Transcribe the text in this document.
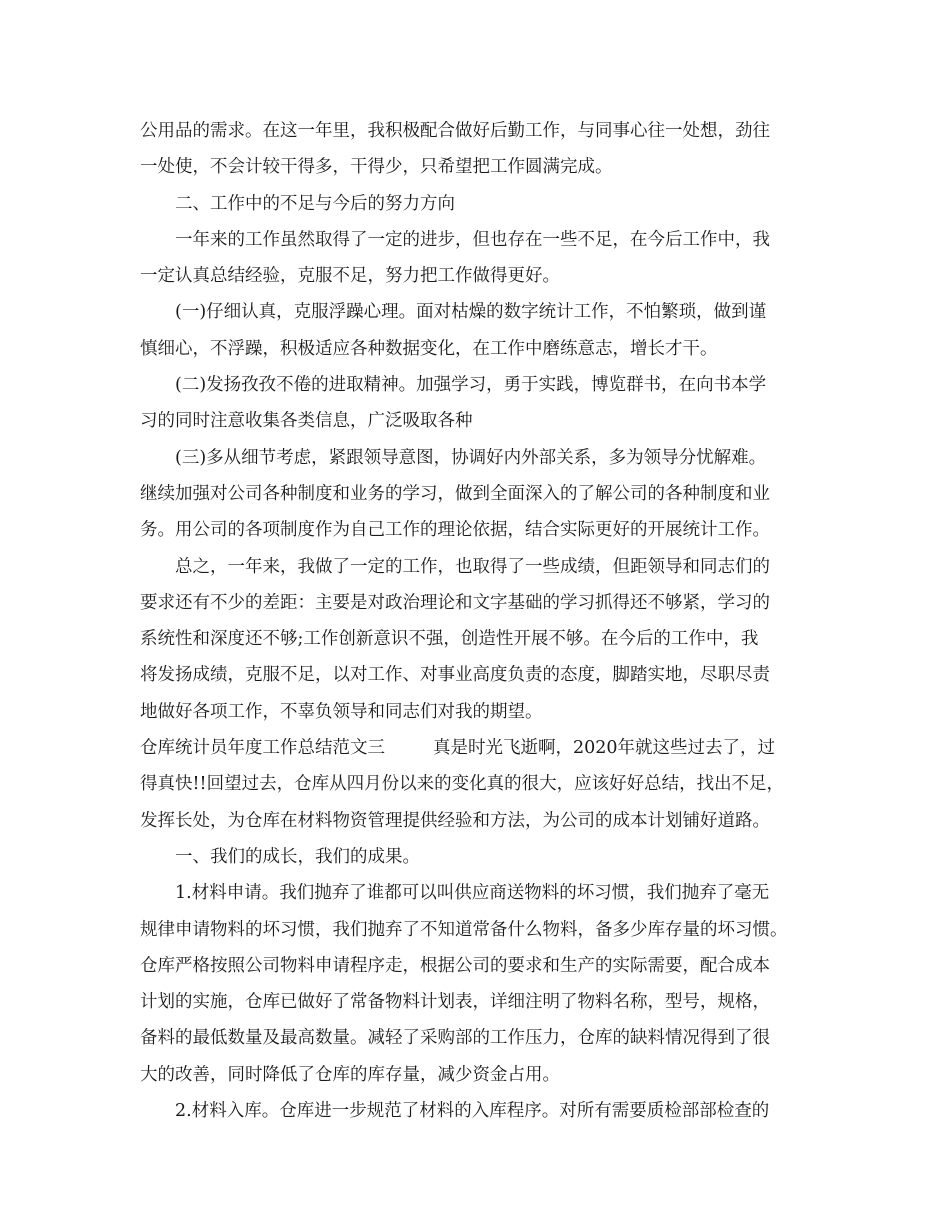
公用品的需求。在这一年里，我积极配合做好后勤工作，与同事心往一处想，劲往
一处使，不会计较干得多，干得少，只希望把工作圆满完成。
二、工作中的不足与今后的努力方向
一年来的工作虽然取得了一定的进步，但也存在一些不足，在今后工作中，我
一定认真总结经验，克服不足，努力把工作做得更好。
(一)仔细认真，克服浮躁心理。面对枯燥的数字统计工作，不怕繁琐，做到谨
慎细心，不浮躁，积极适应各种数据变化，在工作中磨练意志，增长才干。
(二)发扬孜孜不倦的进取精神。加强学习，勇于实践，博览群书，在向书本学
习的同时注意收集各类信息，广泛吸取各种
(三)多从细节考虑，紧跟领导意图，协调好内外部关系，多为领导分忧解难。
继续加强对公司各种制度和业务的学习，做到全面深入的了解公司的各种制度和业
务。用公司的各项制度作为自己工作的理论依据，结合实际更好的开展统计工作。
总之，一年来，我做了一定的工作，也取得了一些成绩，但距领导和同志们的
要求还有不少的差距：主要是对政治理论和文字基础的学习抓得还不够紧，学习的
系统性和深度还不够;工作创新意识不强，创造性开展不够。在今后的工作中，我
将发扬成绩，克服不足，以对工作、对事业高度负责的态度，脚踏实地，尽职尽责
地做好各项工作，不辜负领导和同志们对我的期望。
仓库统计员年度工作总结范文三	真是时光飞逝啊，2020年就这些过去了，过
得真快!!回望过去，仓库从四月份以来的变化真的很大，应该好好总结，找出不足，
发挥长处，为仓库在材料物资管理提供经验和方法，为公司的成本计划铺好道路。
一、我们的成长，我们的成果。
1.材料申请。我们抛弃了谁都可以叫供应商送物料的坏习惯，我们抛弃了毫无
规律申请物料的坏习惯，我们抛弃了不知道常备什么物料，备多少库存量的坏习惯。
仓库严格按照公司物料申请程序走，根据公司的要求和生产的实际需要，配合成本
计划的实施，仓库已做好了常备物料计划表，详细注明了物料名称，型号，规格，
备料的最低数量及最高数量。减轻了采购部的工作压力，仓库的缺料情况得到了很
大的改善，同时降低了仓库的库存量，减少资金占用。
2.材料入库。仓库进一步规范了材料的入库程序。对所有需要质检部部检查的
